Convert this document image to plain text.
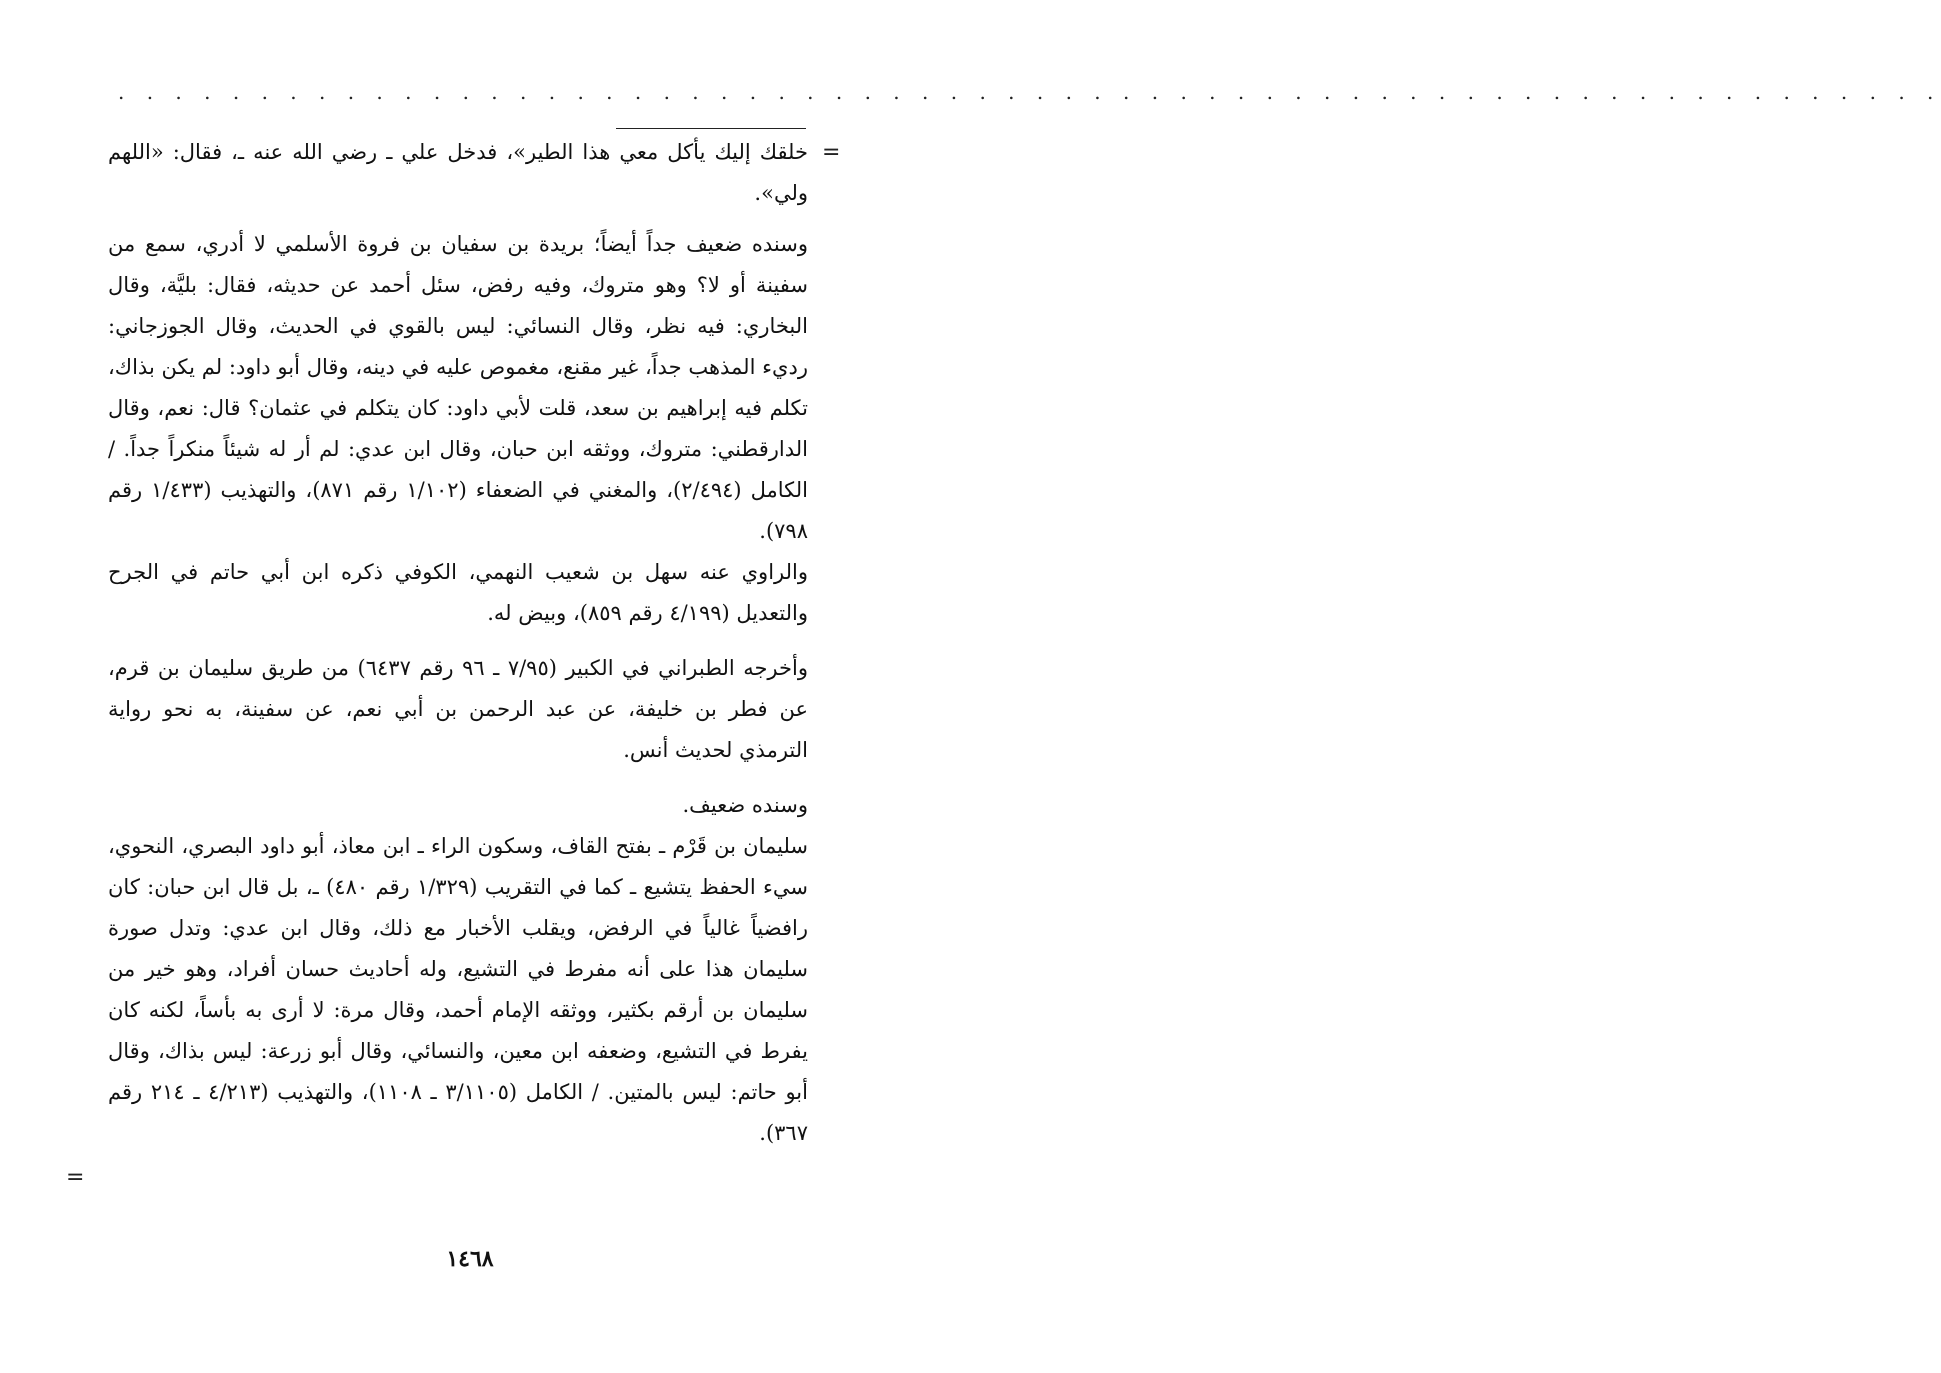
. . . . . . . . . . . . . . . . . . . . . . . . . . . . . . . . . . . . . . . . . . . . . . . . . . . . . . . . . . . . . . . .
=

خلقك إليك يأكل معي هذا الطير»، فدخل علي ـ رضي الله عنه ـ، فقال: «اللهم ولي».

وسنده ضعيف جداً أيضاً؛ بريدة بن سفيان بن فروة الأسلمي لا أدري، سمع من سفينة أو لا؟ وهو متروك، وفيه رفض، سئل أحمد عن حديثه، فقال: بليَّة، وقال البخاري: فيه نظر، وقال النسائي: ليس بالقوي في الحديث، وقال الجوزجاني: رديء المذهب جداً، غير مقنع، مغموص عليه في دينه، وقال أبو داود: لم يكن بذاك، تكلم فيه إبراهيم بن سعد، قلت لأبي داود: كان يتكلم في عثمان؟ قال: نعم، وقال الدارقطني: متروك، ووثقه ابن حبان، وقال ابن عدي: لم أر له شيئاً منكراً جداً. / الكامل (٢/٤٩٤)، والمغني في الضعفاء (١/١٠٢ رقم ٨٧١)، والتهذيب (١/٤٣٣ رقم ٧٩٨).

والراوي عنه سهل بن شعيب النهمي، الكوفي ذكره ابن أبي حاتم في الجرح والتعديل (٤/١٩٩ رقم ٨٥٩)، وبيض له.

وأخرجه الطبراني في الكبير (٧/٩٥ ـ ٩٦ رقم ٦٤٣٧) من طريق سليمان بن قرم، عن فطر بن خليفة، عن عبد الرحمن بن أبي نعم، عن سفينة، به نحو رواية الترمذي لحديث أنس.

وسنده ضعيف.

سليمان بن قَرْم ـ بفتح القاف، وسكون الراء ـ ابن معاذ، أبو داود البصري، النحوي، سيء الحفظ يتشيع ـ كما في التقريب (١/٣٢٩ رقم ٤٨٠) ـ، بل قال ابن حبان: كان رافضياً غالياً في الرفض، ويقلب الأخبار مع ذلك، وقال ابن عدي: وتدل صورة سليمان هذا على أنه مفرط في التشيع، وله أحاديث حسان أفراد، وهو خير من سليمان بن أرقم بكثير، ووثقه الإمام أحمد، وقال مرة: لا أرى به بأساً، لكنه كان يفرط في التشيع، وضعفه ابن معين، والنسائي، وقال أبو زرعة: ليس بذاك، وقال أبو حاتم: ليس بالمتين. / الكامل (٣/١١٠٥ ـ ١١٠٨)، والتهذيب (٤/٢١٣ ـ ٢١٤ رقم ٣٦٧).

=
١٤٦٨
